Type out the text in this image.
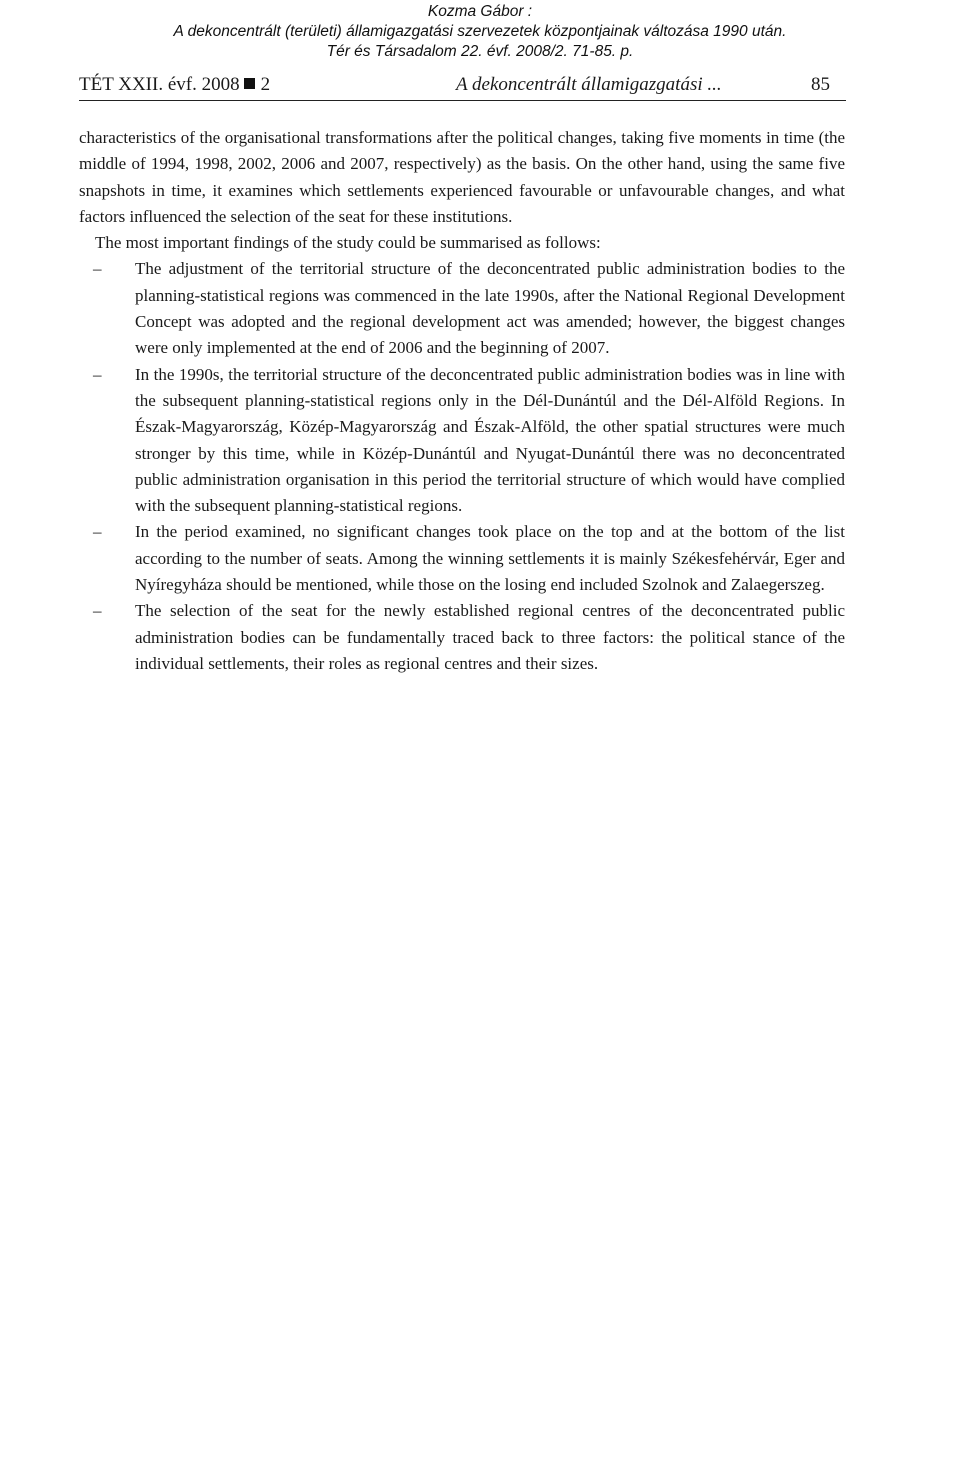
Kozma Gábor :
A dekoncentrált (területi) államigazgatási szervezetek központjainak változása 1990 után.
Tér és Társadalom 22. évf. 2008/2. 71-85. p.
TÉT XXII. évf. 2008 2	A dekoncentrált államigazgatási ...	85

characteristics of the organisational transformations after the political changes, taking five moments in time (the middle of 1994, 1998, 2002, 2006 and 2007, respectively) as the basis. On the other hand, using the same five snapshots in time, it examines which settlements experienced favourable or unfavourable changes, and what factors influenced the selection of the seat for these institutions.

The most important findings of the study could be summarised as follows:

– The adjustment of the territorial structure of the deconcentrated public administration bodies to the planning-statistical regions was commenced in the late 1990s, after the National Regional Development Concept was adopted and the regional development act was amended; however, the biggest changes were only implemented at the end of 2006 and the beginning of 2007.
– In the 1990s, the territorial structure of the deconcentrated public administration bodies was in line with the subsequent planning-statistical regions only in the Dél-Dunántúl and the Dél-Alföld Regions. In Észak-Magyarország, Közép-Magyarország and Észak-Alföld, the other spatial structures were much stronger by this time, while in Közép-Dunántúl and Nyugat-Dunántúl there was no deconcentrated public administration organisation in this period the territorial structure of which would have complied with the subsequent planning-statistical regions.
– In the period examined, no significant changes took place on the top and at the bottom of the list according to the number of seats. Among the winning settlements it is mainly Székesfehérvár, Eger and Nyíregyháza should be mentioned, while those on the losing end included Szolnok and Zalaegerszeg.
– The selection of the seat for the newly established regional centres of the deconcentrated public administration bodies can be fundamentally traced back to three factors: the political stance of the individual settlements, their roles as regional centres and their sizes.
